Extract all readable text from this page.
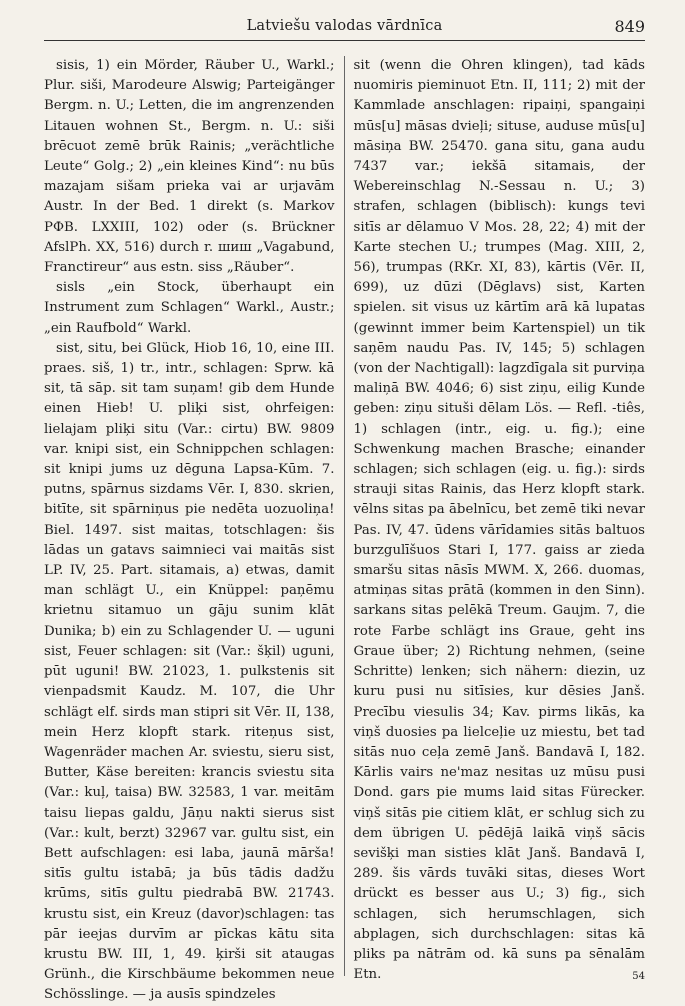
Latviešu valodas vārdnīca	849

sisis, 1) ein Mörder, Räuber U., Warkl.; Plur. siši, Marodeure Alswig; Parteigänger Bergm. n. U.; Letten, die im angrenzenden Litauen wohnen St., Bergm. n. U.: siši brēcuot zemē brūk Rainis; „verächtliche Leute“ Golg.; 2) „ein kleines Kind“: nu būs mazajam sišam prieka vai ar urjavām Austr. In der Bed. 1 direkt (s. Markov PФB. LXXIII, 102) oder (s. Brückner AfslPh. XX, 516) durch r. шиш „Vagabund, Franctireur“ aus estn. siss „Räuber“.

sisls „ein Stock, überhaupt ein Instrument zum Schlagen“ Warkl., Austr.; „ein Raufbold“ Warkl.

sist, situ, bei Glück, Hiob 16, 10, eine III. praes. siš, 1) tr., intr., schlagen: Sprw. kā sit, tā sāp. sit tam suņam! gib dem Hunde einen Hieb! U. pliķi sist, ohrfeigen: lielajam pliķi situ (Var.: cirtu) BW. 9809 var. knipi sist, ein Schnippchen schlagen: sit knipi jums uz dēguna Lapsa-Kūm. 7. putns, spārnus sizdams Vēr. I, 830. skrien, bitīte, sit spārniņus pie nedēta uozuoliņa! Biel. 1497. sist maitas, totschlagen: šis lādas un gatavs saimnieci vai maitās sist LP. IV, 25. Part. sitamais, a) etwas, damit man schlägt U., ein Knüppel: paņēmu krietnu sitamuo un gāju sunim klāt Dunika; b) ein zu Schlagender U. — uguni sist, Feuer schlagen: sit (Var.: šķil) uguni, pūt uguni! BW. 21023, 1. pulkstenis sit vienpadsmit Kaudz. M. 107, die Uhr schlägt elf. sirds man stipri sit Vēr. II, 138, mein Herz klopft stark. riteņus sist, Wagenräder machen Ar. sviestu, sieru sist, Butter, Käse bereiten: krancis sviestu sita (Var.: kuļ, taisa) BW. 32583, 1 var. meitām taisu liepas galdu, Jāņu nakti sierus sist (Var.: kult, berzt) 32967 var. gultu sist, ein Bett aufschlagen: esi laba, jaunā mārša! sitīs gultu istabā; ja būs tādis dadžu krūms, sitīs gultu piedrabā BW. 21743. krustu sist, ein Kreuz (davor)schlagen: tas pār ieejas durvīm ar pīckas kātu sita krustu BW. III, 1, 49. ķirši sit ataugas Grünh., die Kirschbäume bekommen neue Schösslinge. — ja ausīs spindzeles

sit (wenn die Ohren klingen), tad kāds nuomiris pieminuot Etn. II, 111; 2) mit der Kammlade anschlagen: ripaiņi, spangaiņi mūs[u] māsas dvieļi; situse, auduse mūs[u] māsiņa BW. 25470. gana situ, gana audu 7437 var.; iekšā sitamais, der Webereinschlag N.-Sessau n. U.; 3) strafen, schlagen (biblisch): kungs tevi sitīs ar dēlamuo V Mos. 28, 22; 4) mit der Karte stechen U.; trumpes (Mag. XIII, 2, 56), trumpas (RKr. XI, 83), kārtis (Vēr. II, 699), uz dūzi (Dēglavs) sist, Karten spielen. sit visus uz kārtīm arā kā lupatas (gewinnt immer beim Kartenspiel) un tik saņēm naudu Pas. IV, 145; 5) schlagen (von der Nachtigall): lagzdīgala sit purviņa maliņā BW. 4046; 6) sist ziņu, eilig Kunde geben: ziņu situši dēlam Lös. — Refl. -tiês, 1) schlagen (intr., eig. u. fig.); eine Schwenkung machen Brasche; einander schlagen; sich schlagen (eig. u. fig.): sirds strauji sitas Rainis, das Herz klopft stark. vēlns sitas pa ābelnīcu, bet zemē tiki nevar Pas. IV, 47. ūdens vārīdamies sitās baltuos burzgulīšuos Stari I, 177. gaiss ar zieda smaršu sitas nāsīs MWM. X, 266. duomas, atmiņas sitas prātā (kommen in den Sinn). sarkans sitas pelēkā Treum. Gaujm. 7, die rote Farbe schlägt ins Graue, geht ins Graue über; 2) Richtung nehmen, (seine Schritte) lenken; sich nähern: diezin, uz kuru pusi nu sitīsies, kur dēsies Janš. Precību viesulis 34; Kav. pirms likās, ka viņš duosies pa lielceļie uz miestu, bet tad sitās nuo ceļa zemē Janš. Bandavā I, 182. Kārlis vairs ne'maz nesitas uz mūsu pusi Dond. gars pie mums laid sitas Fürecker. viņš sitās pie citiem klāt, er schlug sich zu dem übrigen U. pēdējā laikā viņš sācis sevišķi man sisties klāt Janš. Bandavā I, 289. šis vārds tuvāki sitas, dieses Wort drückt es besser aus U.; 3) fig., sich schlagen, sich herumschlagen, sich abplagen, sich durchschlagen: sitas kā pliks pa nātrām od. kā suns pa sēnalām Etn.	54
